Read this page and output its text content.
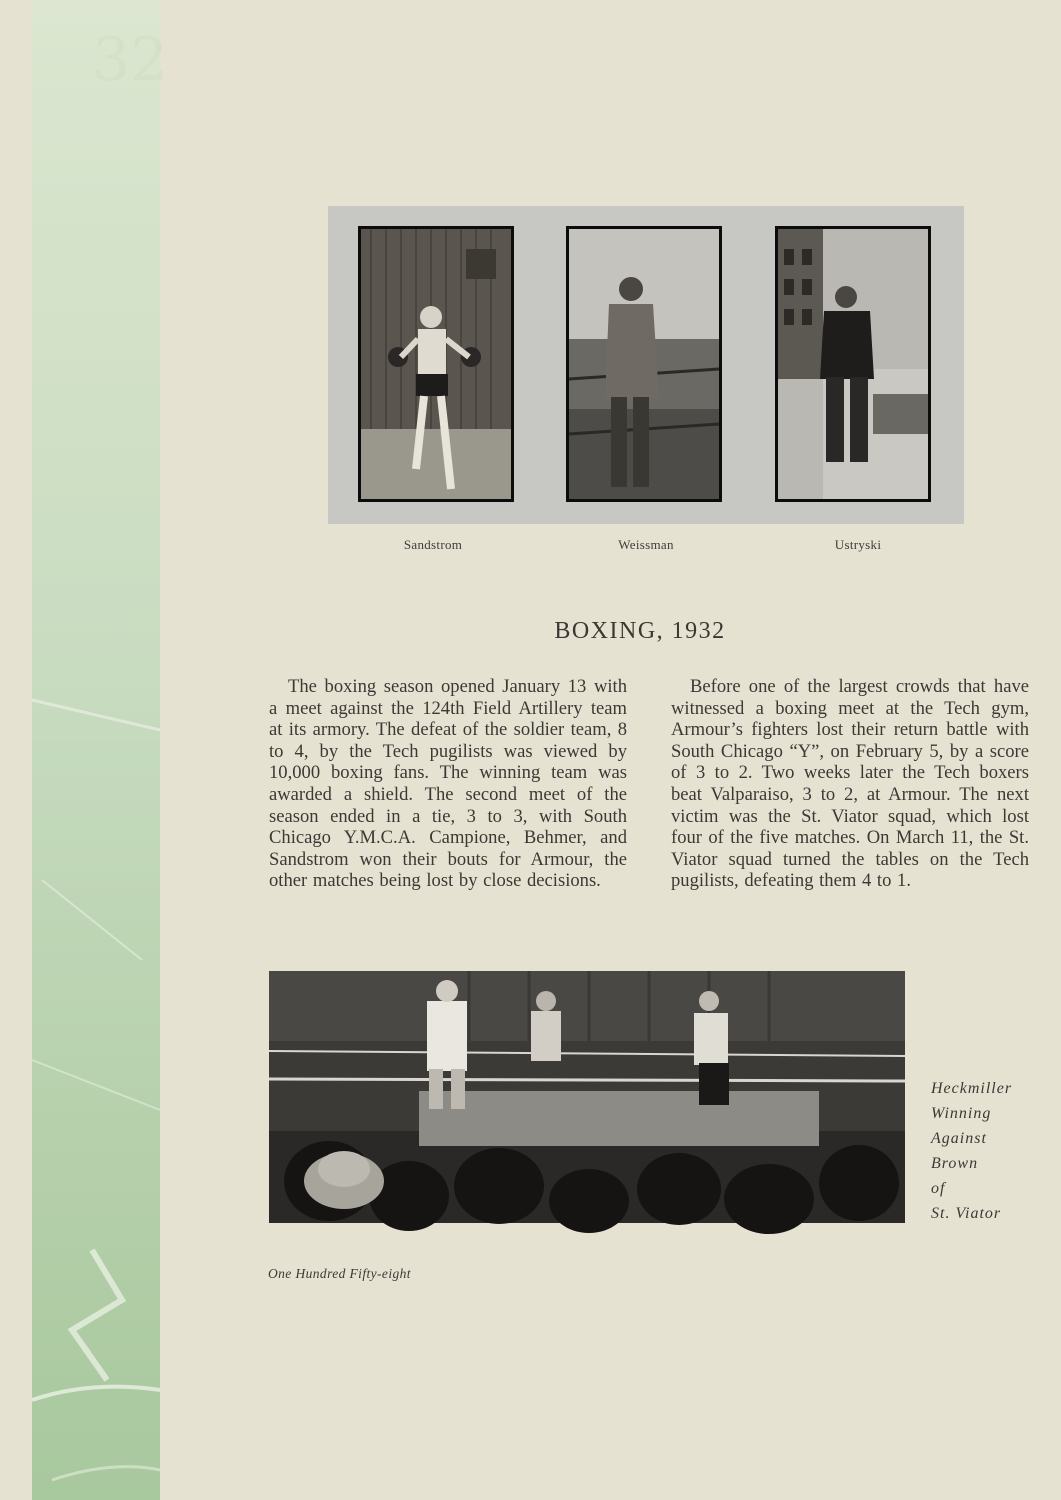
32
Sandstrom	Weissman	Ustryski
BOXING, 1932
The boxing season opened January 13 with a meet against the 124th Field Artillery team at its armory. The defeat of the soldier team, 8 to 4, by the Tech pugilists was viewed by 10,000 boxing fans. The winning team was awarded a shield. The second meet of the season ended in a tie, 3 to 3, with South Chicago Y.M.C.A. Campione, Behmer, and Sandstrom won their bouts for Armour, the other matches being lost by close decisions.
Before one of the largest crowds that have witnessed a boxing meet at the Tech gym, Armour’s fighters lost their return battle with South Chicago “Y”, on February 5, by a score of 3 to 2. Two weeks later the Tech boxers beat Valparaiso, 3 to 2, at Armour. The next victim was the St. Viator squad, which lost four of the five matches. On March 11, the St. Viator squad turned the tables on the Tech pugilists, defeating them 4 to 1.
Heckmiller
Winning
Against
Brown
of
St. Viator
One Hundred Fifty-eight
